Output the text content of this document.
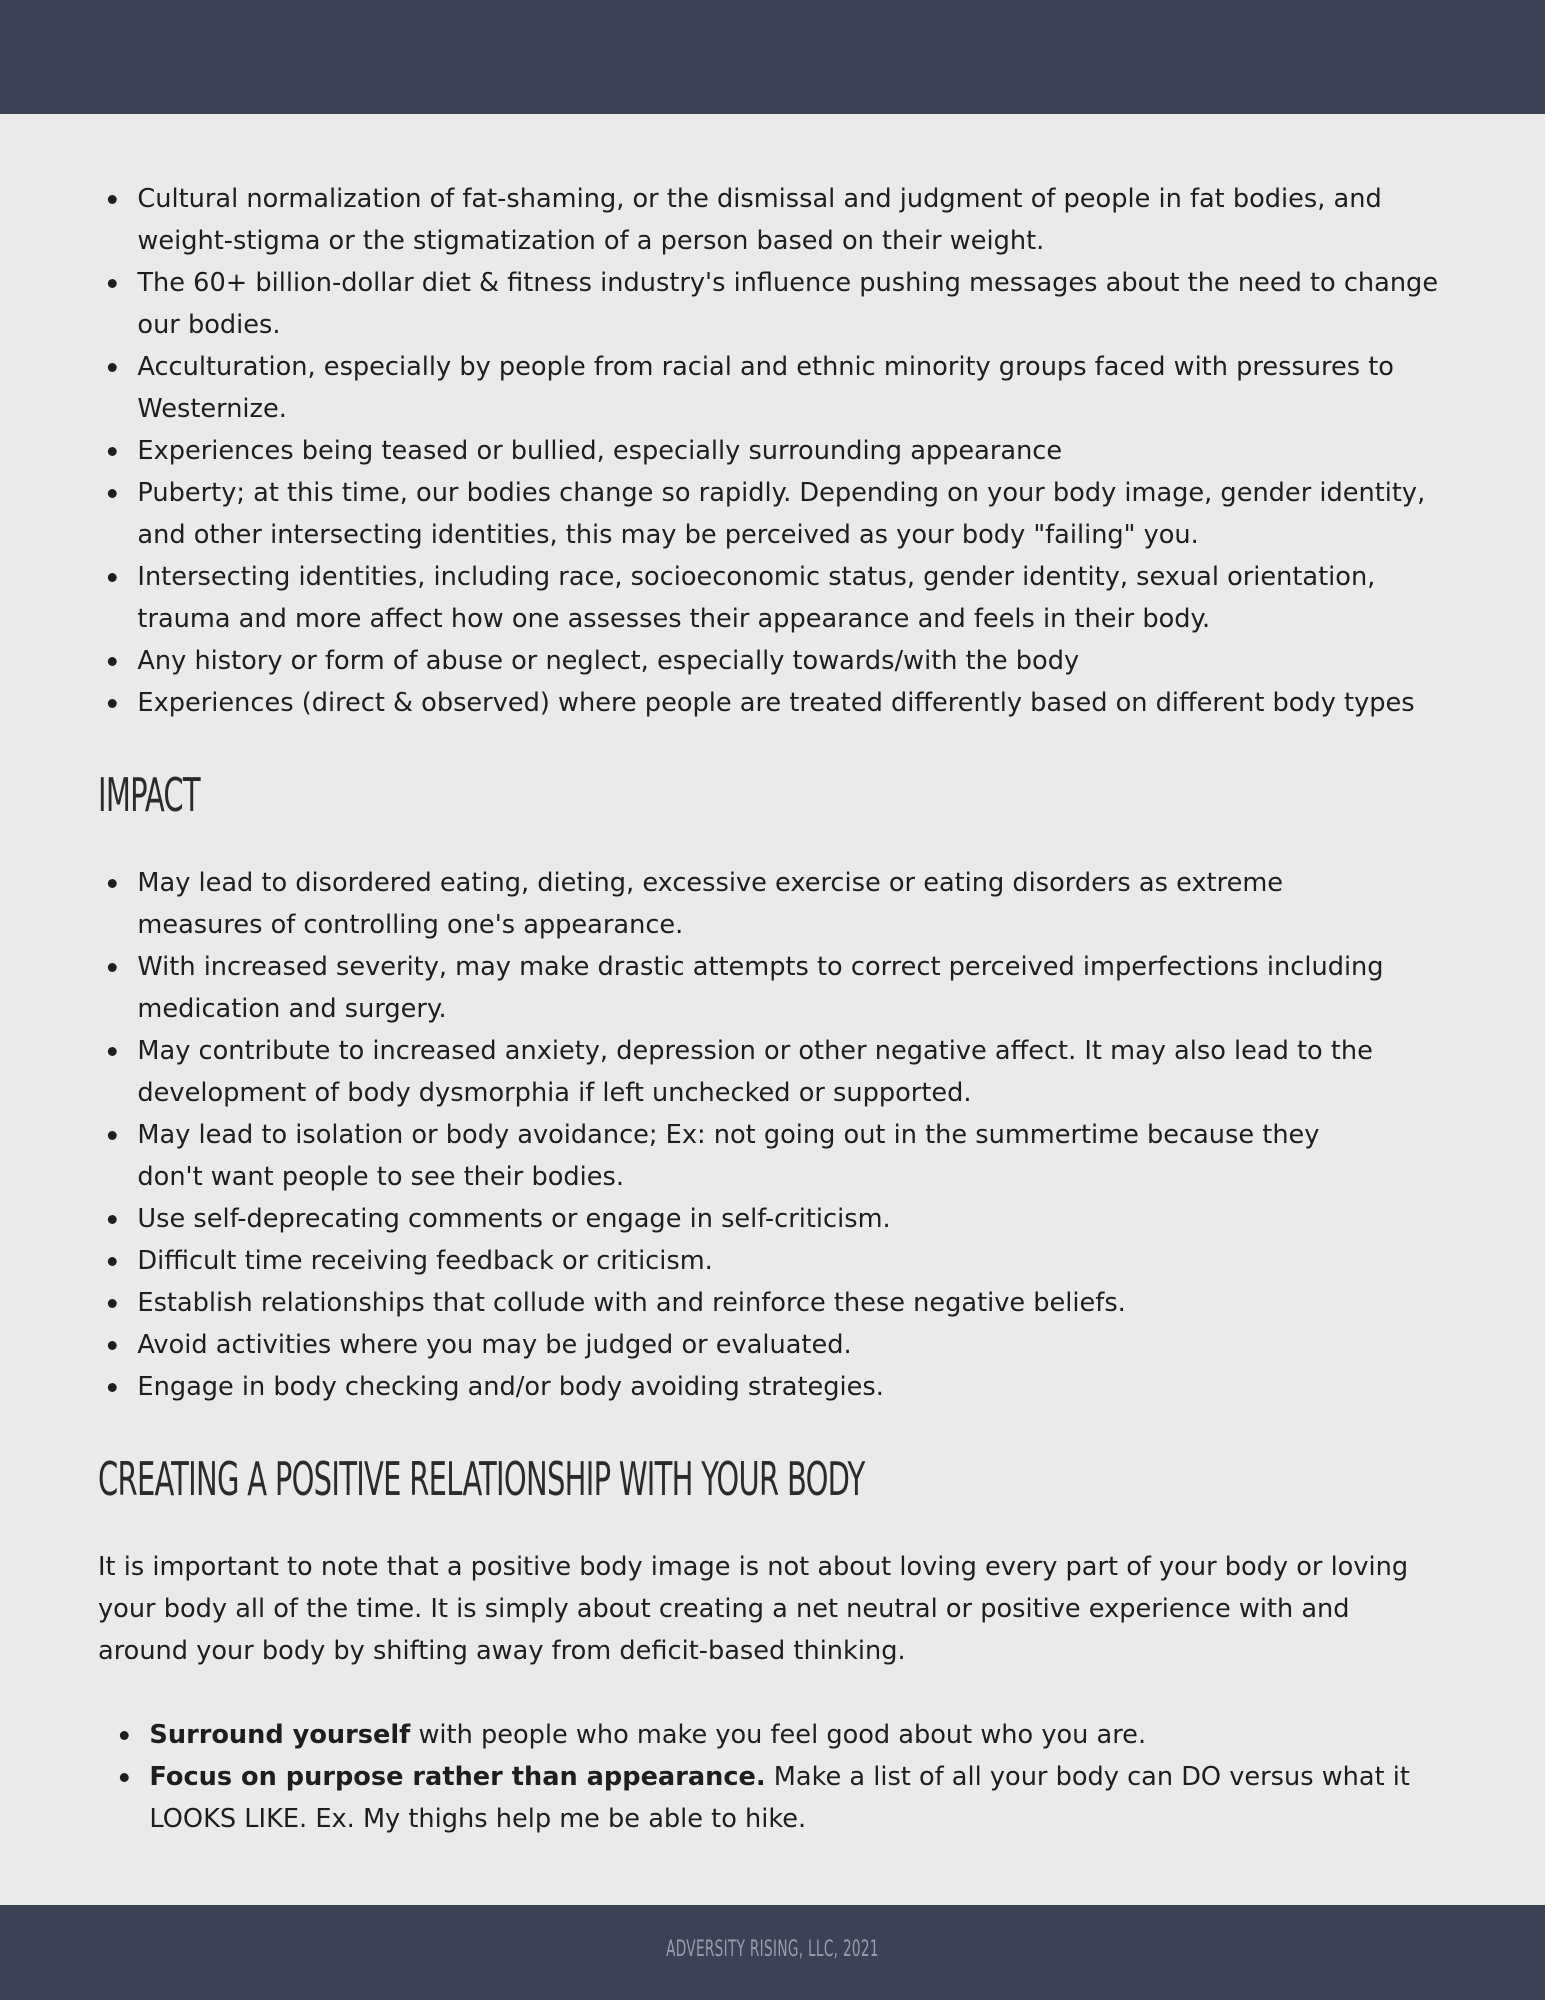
Cultural normalization of fat-shaming, or the dismissal and judgment of people in fat bodies, and
weight-stigma or the stigmatization of a person based on their weight.
The 60+ billion-dollar diet & fitness industry's influence pushing messages about the need to change
our bodies.
Acculturation, especially by people from racial and ethnic minority groups faced with pressures to
Westernize.
Experiences being teased or bullied, especially surrounding appearance
Puberty; at this time, our bodies change so rapidly. Depending on your body image, gender identity,
and other intersecting identities, this may be perceived as your body "failing" you.
Intersecting identities, including race, socioeconomic status, gender identity, sexual orientation,
trauma and more affect how one assesses their appearance and feels in their body.
Any history or form of abuse or neglect, especially towards/with the body
Experiences (direct & observed) where people are treated differently based on different body types
IMPACT
May lead to disordered eating, dieting, excessive exercise or eating disorders as extreme
measures of controlling one's appearance.
With increased severity, may make drastic attempts to correct perceived imperfections including
medication and surgery.
May contribute to increased anxiety, depression or other negative affect. It may also lead to the
development of body dysmorphia if left unchecked or supported.
May lead to isolation or body avoidance; Ex: not going out in the summertime because they
don't want people to see their bodies.
Use self-deprecating comments or engage in self-criticism.
Difficult time receiving feedback or criticism.
Establish relationships that collude with and reinforce these negative beliefs.
Avoid activities where you may be judged or evaluated.
Engage in body checking and/or body avoiding strategies.
CREATING A POSITIVE RELATIONSHIP WITH YOUR BODY

It is important to note that a positive body image is not about loving every part of your body or loving
your body all of the time. It is simply about creating a net neutral or positive experience with and
around your body by shifting away from deficit-based thinking.

Surround yourself with people who make you feel good about who you are.
Focus on purpose rather than appearance. Make a list of all your body can DO versus what it
LOOKS LIKE. Ex. My thighs help me be able to hike.
ADVERSITY RISING, LLC, 2021
